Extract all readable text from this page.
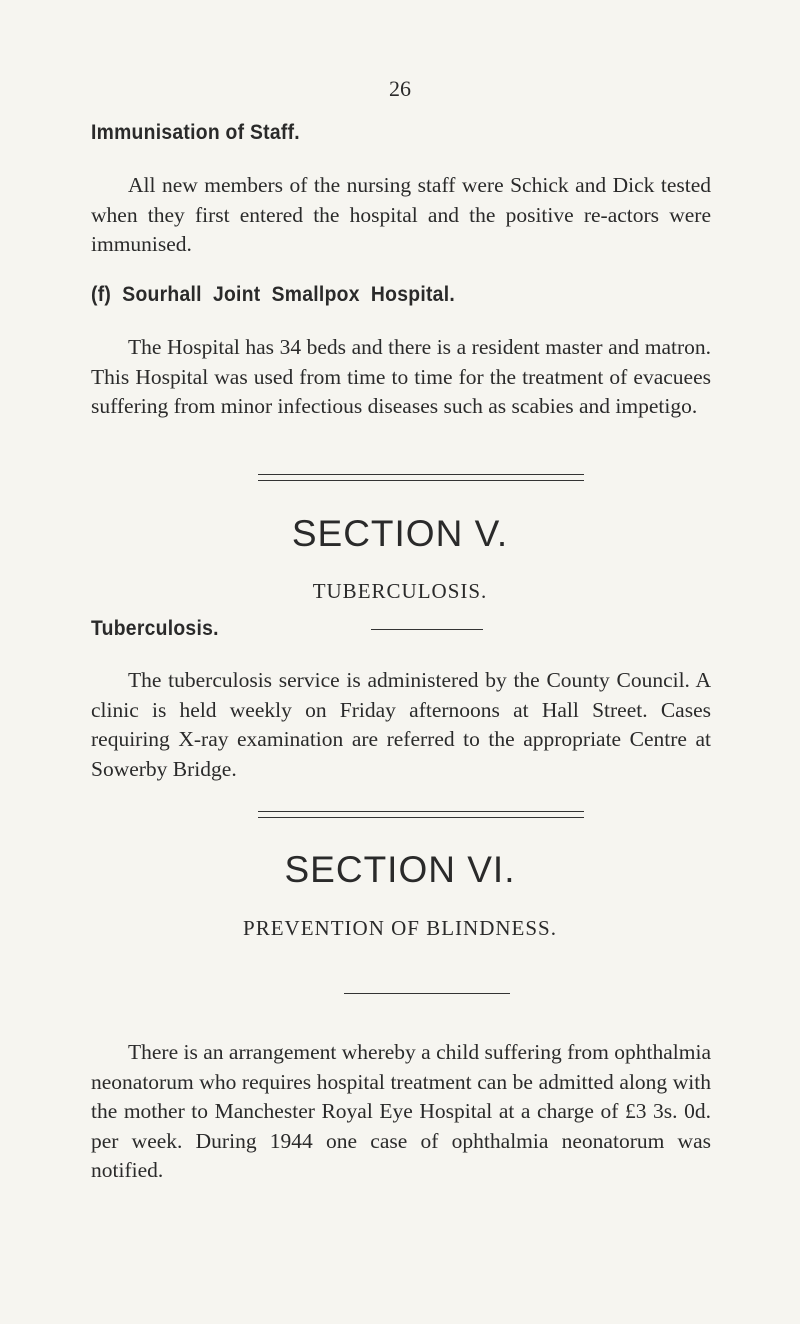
26
Immunisation of Staff.
All new members of the nursing staff were Schick and Dick tested when they first entered the hospital and the positive re-actors were immunised.
(f) Sourhall Joint Smallpox Hospital.
The Hospital has 34 beds and there is a resident master and matron. This Hospital was used from time to time for the treatment of evacuees suffering from minor infectious diseases such as scabies and impetigo.
SECTION V.
TUBERCULOSIS.
Tuberculosis.
The tuberculosis service is administered by the County Council. A clinic is held weekly on Friday afternoons at Hall Street. Cases requiring X-ray examination are referred to the appropriate Centre at Sowerby Bridge.
SECTION VI.
PREVENTION OF BLINDNESS.
There is an arrangement whereby a child suffering from ophthalmia neonatorum who requires hospital treatment can be admitted along with the mother to Manchester Royal Eye Hospital at a charge of £3 3s. 0d. per week. During 1944 one case of ophthalmia neonatorum was notified.
